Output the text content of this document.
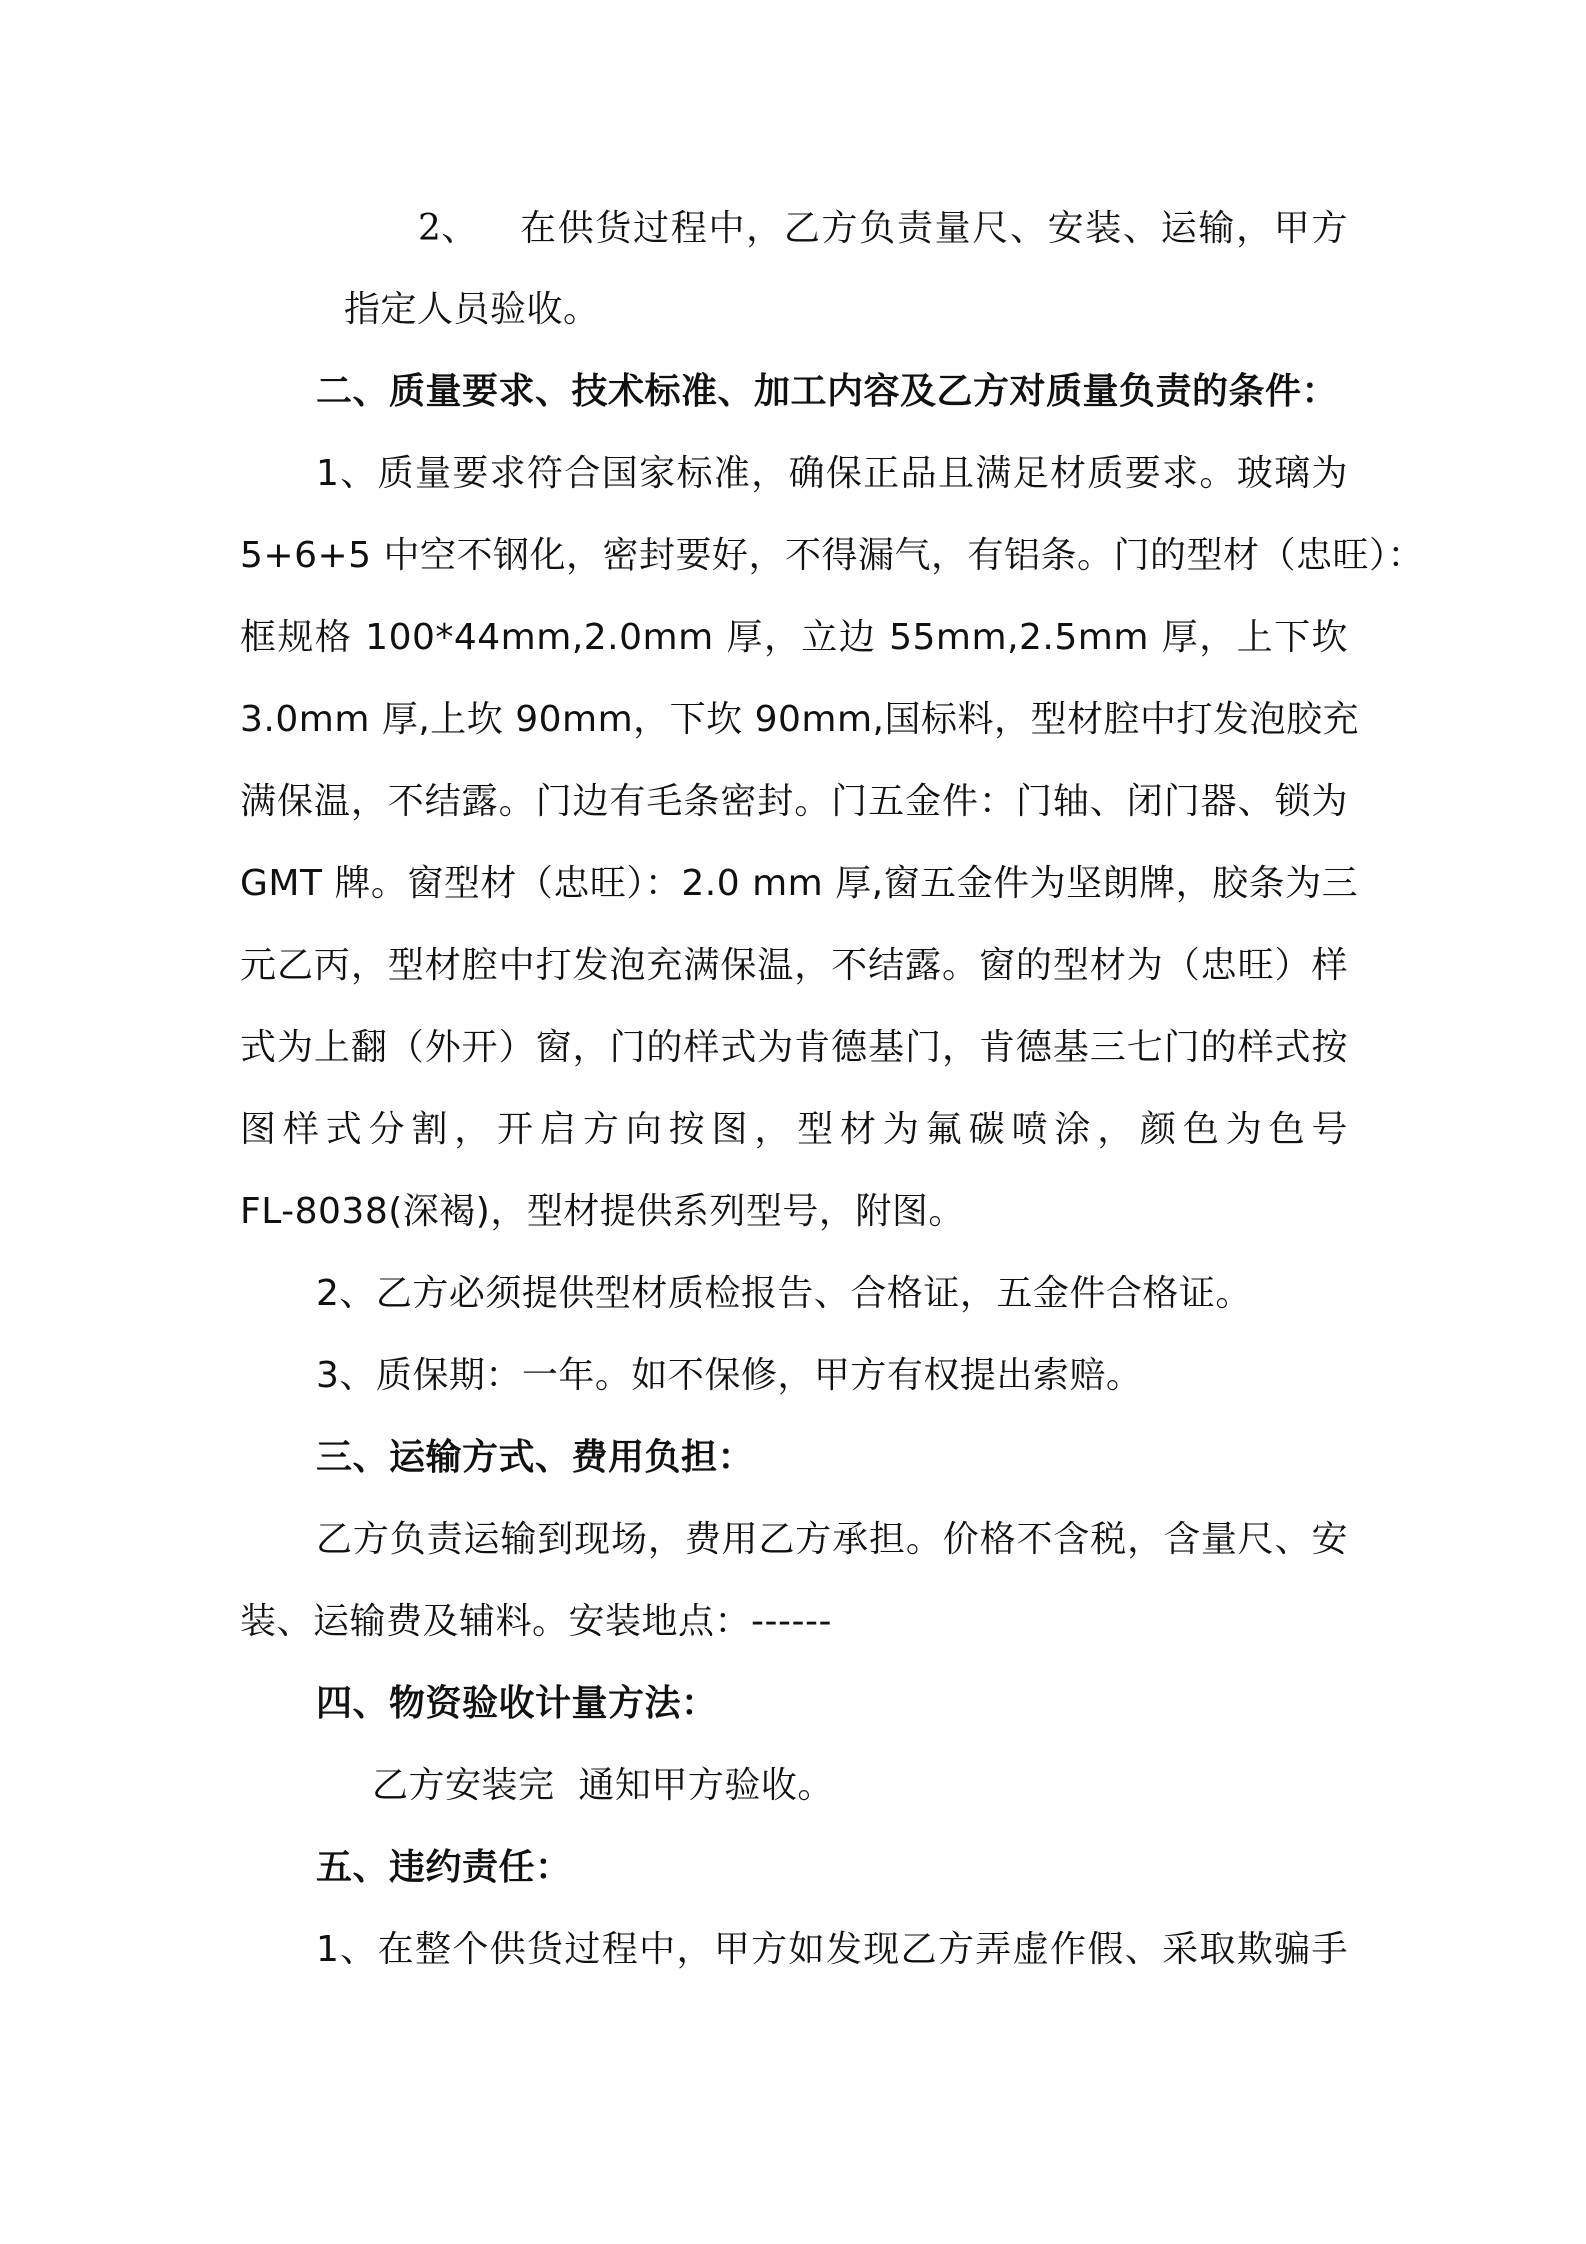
2、	在供货过程中，乙方负责量尺、安装、运输，甲方
指定人员验收。
二、质量要求、技术标准、加工内容及乙方对质量负责的条件：
1、质量要求符合国家标准，确保正品且满足材质要求。玻璃为
5+6+5 中空不钢化，密封要好，不得漏气，有铝条。门的型材（忠旺）：
框规格 100*44mm,2.0mm 厚，立边 55mm,2.5mm 厚，上下坎
3.0mm 厚,上坎 90mm，下坎 90mm,国标料，型材腔中打发泡胶充
满保温，不结露。门边有毛条密封。门五金件：门轴、闭门器、锁为
GMT 牌。窗型材（忠旺）：2.0 mm 厚,窗五金件为坚朗牌，胶条为三
元乙丙，型材腔中打发泡充满保温，不结露。窗的型材为（忠旺）样
式为上翻（外开）窗，门的样式为肯德基门，肯德基三七门的样式按
图样式分割，开启方向按图，型材为氟碳喷涂，颜色为色号
FL-8038(深褐)，型材提供系列型号，附图。
2、乙方必须提供型材质检报告、合格证，五金件合格证。
3、质保期：一年。如不保修，甲方有权提出索赔。
三、运输方式、费用负担：
乙方负责运输到现场，费用乙方承担。价格不含税，含量尺、安
装、运输费及辅料。安装地点：------
四、物资验收计量方法：
乙方安装完  通知甲方验收。
五、违约责任：
1、在整个供货过程中，甲方如发现乙方弄虚作假、采取欺骗手
